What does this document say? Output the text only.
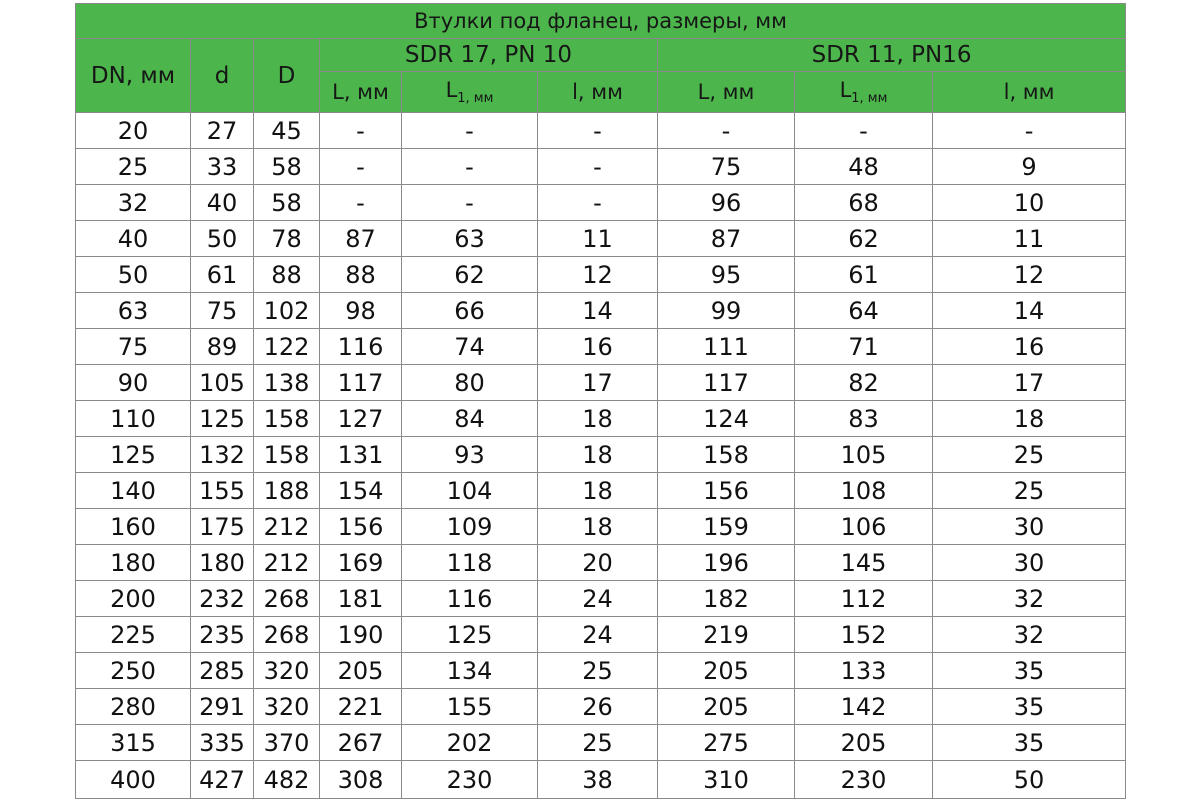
Втулки под фланец, размеры, мм								
DN, мм	d	D	SDR 17, PN 10			SDR 11, PN16		
			L, мм	$L_{1, мм}$	l, мм	L, мм	$L_{1, мм}$	l, мм
20	27	45	-	-	-	-	-	-
25	33	58	-	-	-	75	48	9
32	40	58	-	-	-	96	68	10
40	50	78	87	63	11	87	62	11
50	61	88	88	62	12	95	61	12
63	75	102	98	66	14	99	64	14
75	89	122	116	74	16	111	71	16
90	105	138	117	80	17	117	82	17
110	125	158	127	84	18	124	83	18
125	132	158	131	93	18	158	105	25
140	155	188	154	104	18	156	108	25
160	175	212	156	109	18	159	106	30
180	180	212	169	118	20	196	145	30
200	232	268	181	116	24	182	112	32
225	235	268	190	125	24	219	152	32
250	285	320	205	134	25	205	133	35
280	291	320	221	155	26	205	142	35
315	335	370	267	202	25	275	205	35
400	427	482	308	230	38	310	230	50
